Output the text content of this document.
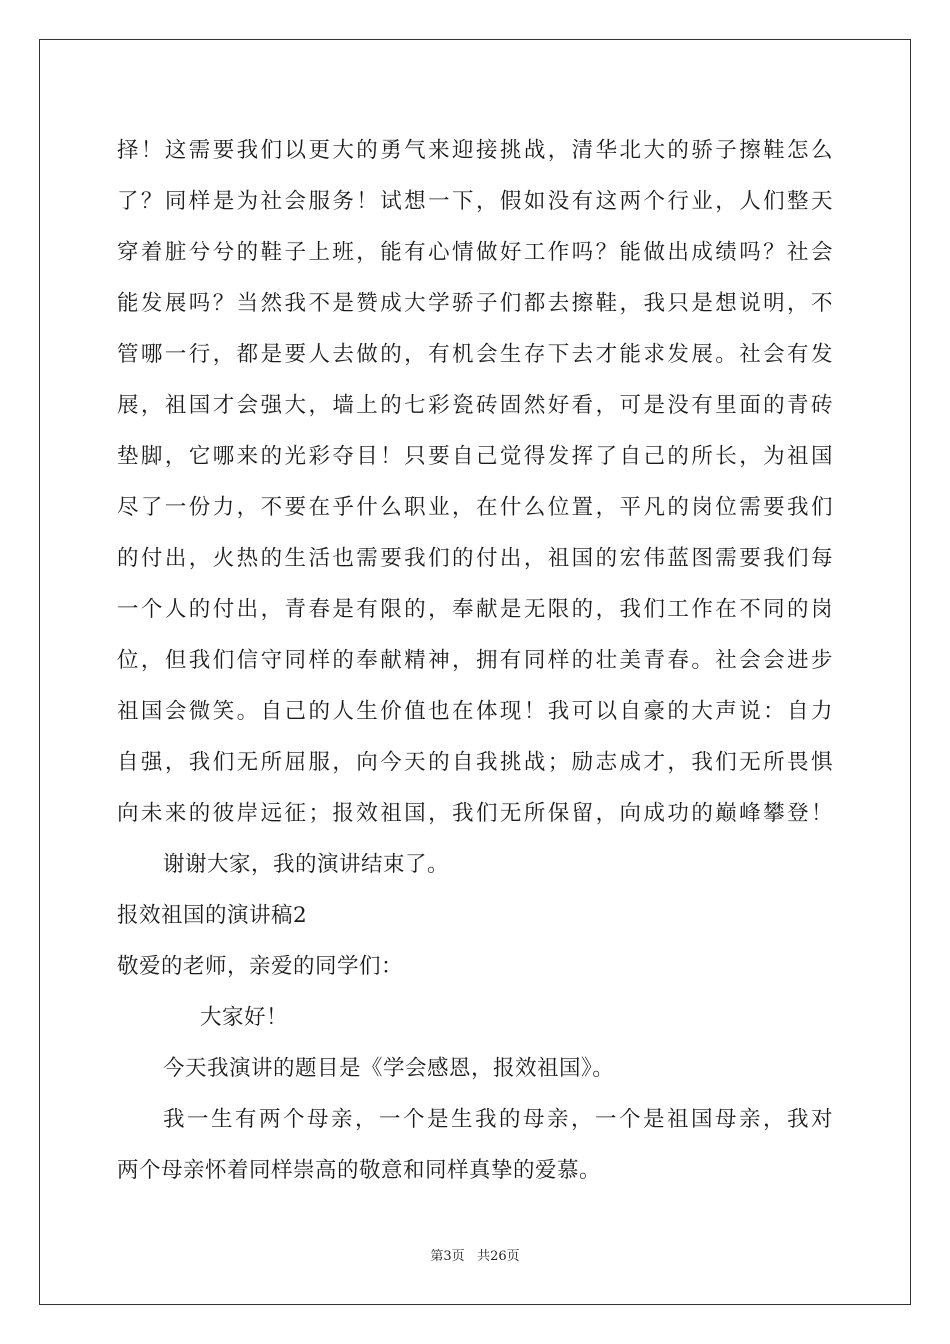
择！这需要我们以更大的勇气来迎接挑战，清华北大的骄子擦鞋怎么
了？同样是为社会服务！试想一下，假如没有这两个行业，人们整天
穿着脏兮兮的鞋子上班，能有心情做好工作吗？能做出成绩吗？社会
能发展吗？当然我不是赞成大学骄子们都去擦鞋，我只是想说明，不
管哪一行，都是要人去做的，有机会生存下去才能求发展。社会有发
展，祖国才会强大，墙上的七彩瓷砖固然好看，可是没有里面的青砖
垫脚，它哪来的光彩夺目！只要自己觉得发挥了自己的所长，为祖国
尽了一份力，不要在乎什么职业，在什么位置，平凡的岗位需要我们
的付出，火热的生活也需要我们的付出，祖国的宏伟蓝图需要我们每
一个人的付出，青春是有限的，奉献是无限的，我们工作在不同的岗
位，但我们信守同样的奉献精神，拥有同样的壮美青春。社会会进步
祖国会微笑。自己的人生价值也在体现！我可以自豪的大声说：自力
自强，我们无所屈服，向今天的自我挑战；励志成才，我们无所畏惧
向未来的彼岸远征；报效祖国，我们无所保留，向成功的巅峰攀登！
谢谢大家，我的演讲结束了。
报效祖国的演讲稿2
敬爱的老师，亲爱的同学们：
大家好！
今天我演讲的题目是《学会感恩，报效祖国》。
我一生有两个母亲，一个是生我的母亲，一个是祖国母亲，我对
两个母亲怀着同样崇高的敬意和同样真挚的爱慕。
第3页 共26页
